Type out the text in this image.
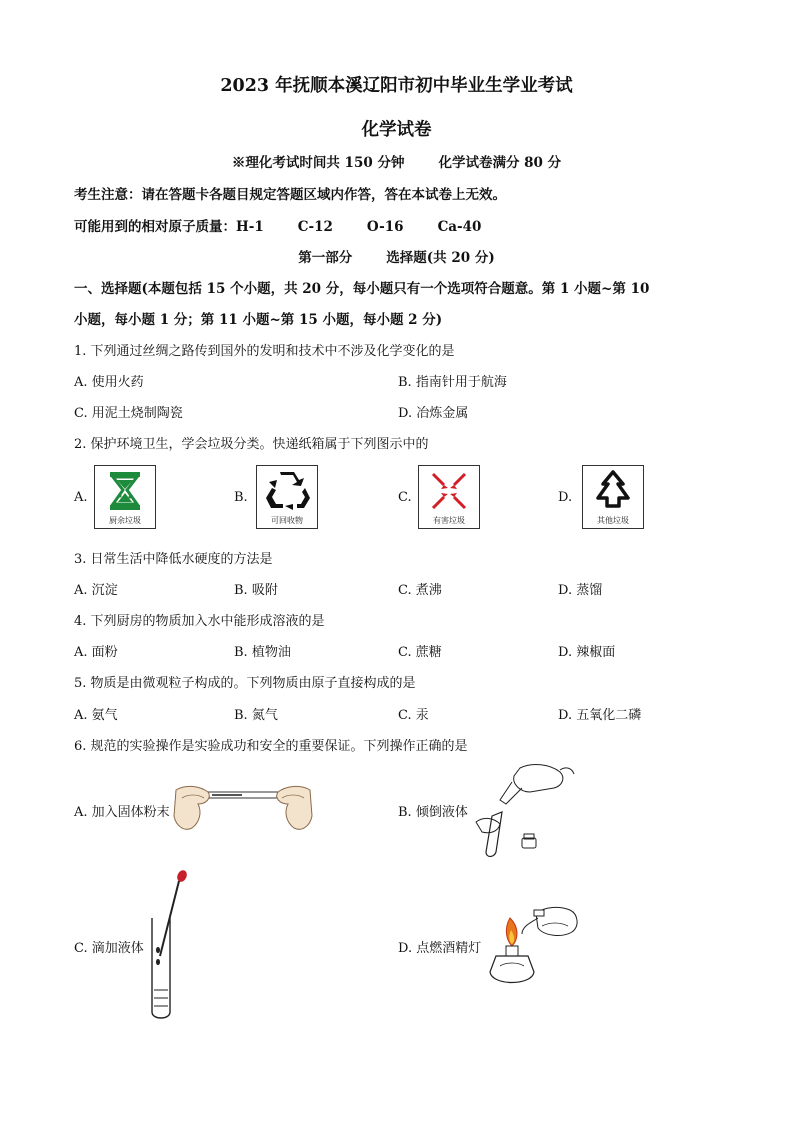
2023 年抚顺本溪辽阳市初中毕业生学业考试
化学试卷
※理化考试时间共 150 分钟	化学试卷满分 80 分
考生注意：请在答题卡各题目规定答题区域内作答，答在本试卷上无效。
可能用到的相对原子质量：H-1	C-12	O-16	Ca-40
第一部分	选择题(共 20 分)
一、选择题(本题包括 15 个小题，共 20 分，每小题只有一个选项符合题意。第 1 小题~第 10
小题，每小题 1 分；第 11 小题~第 15 小题，每小题 2 分)
1. 下列通过丝绸之路传到国外的发明和技术中不涉及化学变化的是
A. 使用火药	B. 指南针用于航海
C. 用泥土烧制陶瓷	D. 冶炼金属
2. 保护环境卫生，学会垃圾分类。快递纸箱属于下列图示中的
A.
厨余垃圾
B.
可回收物
C.
有害垃圾
D.
其他垃圾
3. 日常生活中降低水硬度的方法是
A. 沉淀	B. 吸附	C. 煮沸	D. 蒸馏
4. 下列厨房的物质加入水中能形成溶液的是
A. 面粉	B. 植物油	C. 蔗糖	D. 辣椒面
5. 物质是由微观粒子构成的。下列物质由原子直接构成的是
A. 氨气	B. 氮气	C. 汞	D. 五氧化二磷
6. 规范的实验操作是实验成功和安全的重要保证。下列操作正确的是
A. 加入固体粉末	B. 倾倒液体
C. 滴加液体	D. 点燃酒精灯
